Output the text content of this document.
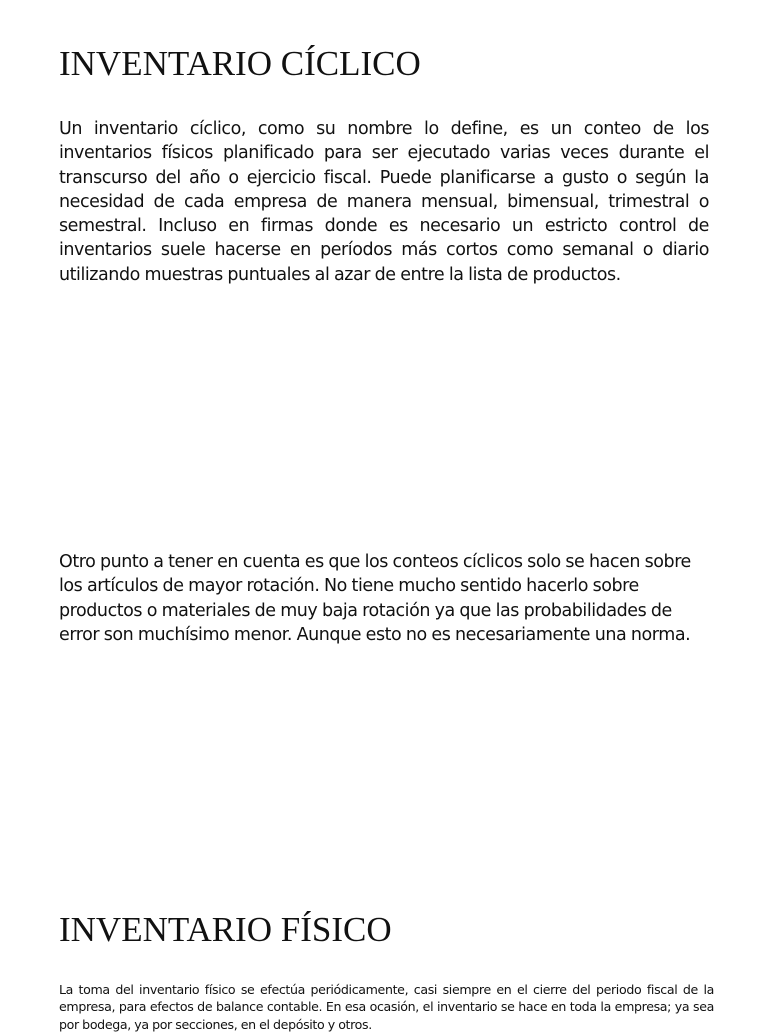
INVENTARIO CÍCLICO

Un inventario cíclico, como su nombre lo define, es un conteo de los inventarios físicos planificado para ser ejecutado varias veces durante el transcurso del año o ejercicio fiscal. Puede planificarse a gusto o según la necesidad de cada empresa de manera mensual, bimensual, trimestral o semestral. Incluso en firmas donde es necesario un estricto control de inventarios suele hacerse en períodos más cortos como semanal o diario utilizando muestras puntuales al azar de entre la lista de productos.

Otro punto a tener en cuenta es que los conteos cíclicos solo se hacen sobre los artículos de mayor rotación. No tiene mucho sentido hacerlo sobre productos o materiales de muy baja rotación ya que las probabilidades de error son muchísimo menor. Aunque esto no es necesariamente una norma.

INVENTARIO FÍSICO

La toma del inventario físico se efectúa periódicamente, casi siempre en el cierre del periodo fiscal de la empresa, para efectos de balance contable. En esa ocasión, el inventario se hace en toda la empresa; ya sea por bodega, ya por secciones, en el depósito y otros.
